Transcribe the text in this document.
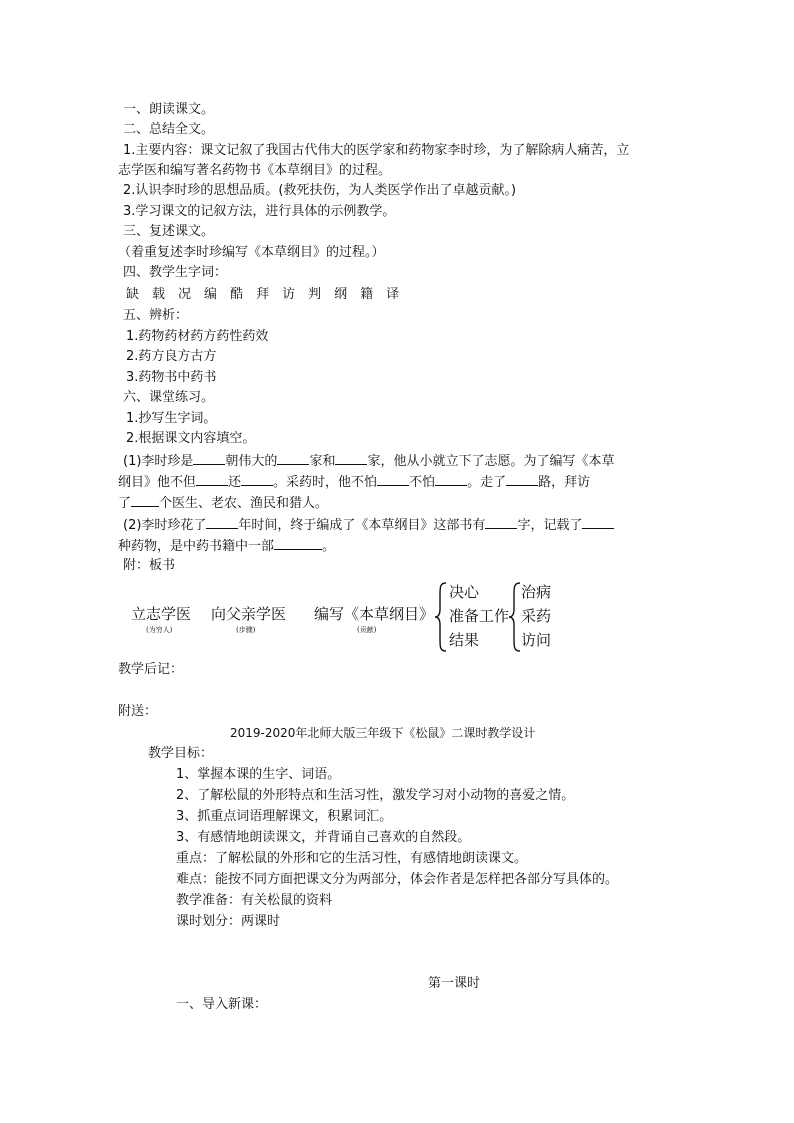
一、朗读课文。
二、总结全文。
1.主要内容：课文记叙了我国古代伟大的医学家和药物家李时珍，为了解除病人痛苦，立
志学医和编写著名药物书《本草纲目》的过程。
2.认识李时珍的思想品质。(救死扶伤，为人类医学作出了卓越贡献。)
3.学习课文的记叙方法，进行具体的示例教学。
三、复述课文。
（着重复述李时珍编写《本草纲目》的过程。）
四、教学生字词：
缺 载 况 编 酷 拜 访 判 纲 籍 译
五、辨析：
1.药物药材药方药性药效
2.药方良方古方
3.药物书中药书
六、课堂练习。
1.抄写生字词。
2.根据课文内容填空。
(1)李时珍是 朝伟大的 家和 家，他从小就立下了志愿。为了编写《本草
纲目》他不但 还 。采药时，他不怕 不怕 。走了 路，拜访
了 个医生、老农、渔民和猎人。
(2)李时珍花了 年时间，终于编成了《本草纲目》这部书有 字，记载了
种药物，是中药书籍中一部	。
附：板书
立志学医
(为穷人)
向父亲学医
(步骤)
编写《本草纲目》
(贡献)
决心
准备工作
结果
治病
采药
访问
教学后记：
附送：
2019-2020年北师大版三年级下《松鼠》二课时教学设计
教学目标：
1、掌握本课的生字、词语。
2、了解松鼠的外形特点和生活习性，激发学习对小动物的喜爱之情。
3、抓重点词语理解课文，积累词汇。
3、有感情地朗读课文，并背诵自己喜欢的自然段。
重点：了解松鼠的外形和它的生活习性，有感情地朗读课文。
难点：能按不同方面把课文分为两部分，体会作者是怎样把各部分写具体的。
教学准备：有关松鼠的资料
课时划分：两课时
第一课时
一、导入新课：
